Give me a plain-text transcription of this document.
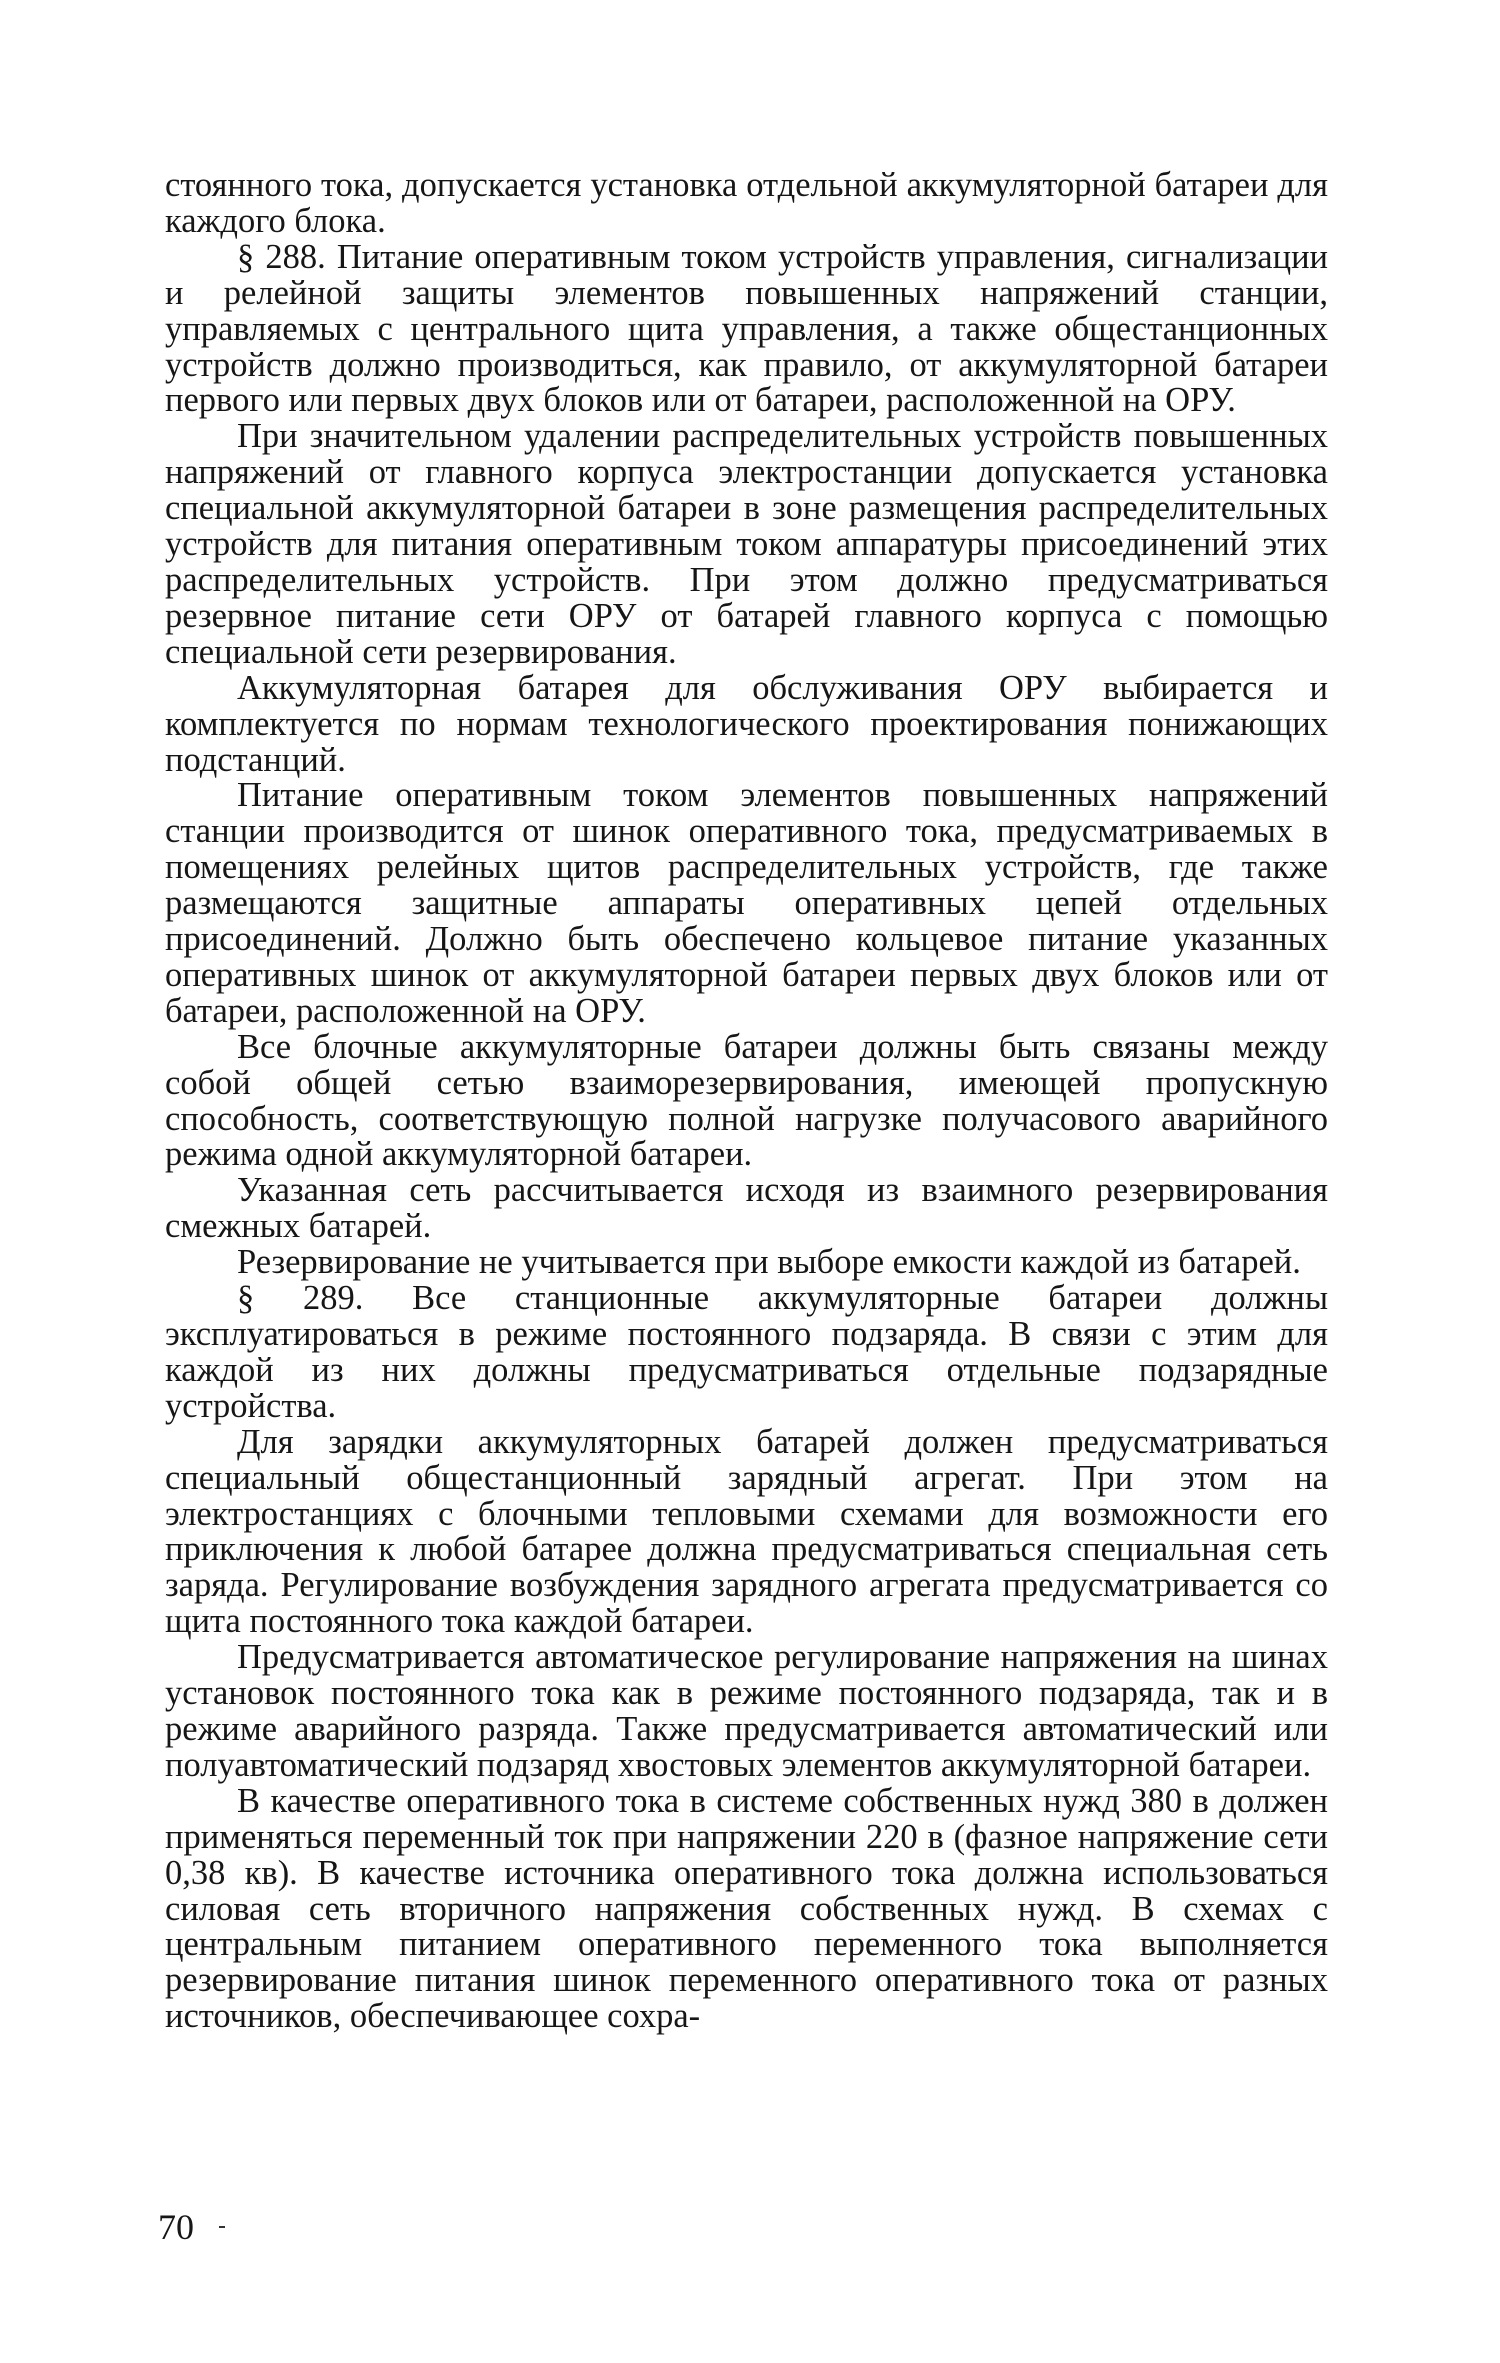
стоянного тока, допускается установка отдельной аккумуляторной батареи для каждого блока.

§ 288. Питание оперативным током устройств управления, сигнализации и релейной защиты элементов повышенных напряжений станции, управляемых с центрального щита управления, а также общестанционных устройств должно производиться, как правило, от аккумуляторной батареи первого или первых двух блоков или от батареи, расположенной на ОРУ.

При значительном удалении распределительных устройств повышенных напряжений от главного корпуса электростанции допускается установка специальной аккумуляторной батареи в зоне размещения распределительных устройств для питания оперативным током аппаратуры присоединений этих распределительных устройств. При этом должно предусматриваться резервное питание сети ОРУ от батарей главного корпуса с помощью специальной сети резервирования.

Аккумуляторная батарея для обслуживания ОРУ выбирается и комплектуется по нормам технологического проектирования понижающих подстанций.

Питание оперативным током элементов повышенных напряжений станции производится от шинок оперативного тока, предусматриваемых в помещениях релейных щитов распределительных устройств, где также размещаются защитные аппараты оперативных цепей отдельных присоединений. Должно быть обеспечено кольцевое питание указанных оперативных шинок от аккумуляторной батареи первых двух блоков или от батареи, расположенной на ОРУ.

Все блочные аккумуляторные батареи должны быть связаны между собой общей сетью взаиморезервирования, имеющей пропускную способность, соответствующую полной нагрузке получасового аварийного режима одной аккумуляторной батареи.

Указанная сеть рассчитывается исходя из взаимного резервирования смежных батарей.

Резервирование не учитывается при выборе емкости каждой из батарей.

§ 289. Все станционные аккумуляторные батареи должны эксплуатироваться в режиме постоянного подзаряда. В связи с этим для каждой из них должны предусматриваться отдельные подзарядные устройства.

Для зарядки аккумуляторных батарей должен предусматриваться специальный общестанционный зарядный агрегат. При этом на электростанциях с блочными тепловыми схемами для возможности его приключения к любой батарее должна предусматриваться специальная сеть заряда. Регулирование возбуждения зарядного агрегата предусматривается со щита постоянного тока каждой батареи.

Предусматривается автоматическое регулирование напряжения на шинах установок постоянного тока как в режиме постоянного подзаряда, так и в режиме аварийного разряда. Также предусматривается автоматический или полуавтоматический подзаряд хвостовых элементов аккумуляторной батареи.

В качестве оперативного тока в системе собственных нужд 380 в должен применяться переменный ток при напряжении 220 в (фазное напряжение сети 0,38 кв). В качестве источника оперативного тока должна использоваться силовая сеть вторичного напряжения собственных нужд. В схемах с центральным питанием оперативного переменного тока выполняется резервирование питания шинок переменного оперативного тока от разных источников, обеспечивающее сохра-

70
